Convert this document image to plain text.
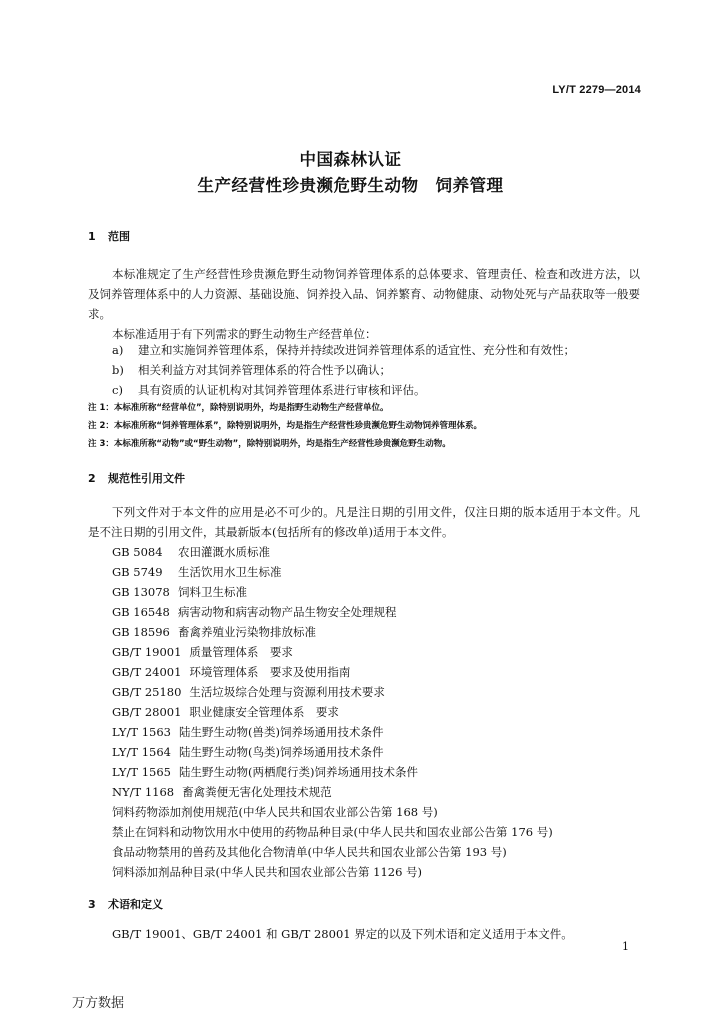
LY/T 2279—2014
中国森林认证
生产经营性珍贵濒危野生动物　饲养管理
1 范围
本标准规定了生产经营性珍贵濒危野生动物饲养管理体系的总体要求、管理责任、检查和改进方法，以及饲养管理体系中的人力资源、基础设施、饲养投入品、饲养繁育、动物健康、动物处死与产品获取等一般要求。
本标准适用于有下列需求的野生动物生产经营单位：
a) 建立和实施饲养管理体系，保持并持续改进饲养管理体系的适宜性、充分性和有效性；
b) 相关利益方对其饲养管理体系的符合性予以确认；
c) 具有资质的认证机构对其饲养管理体系进行审核和评估。
注 1：本标准所称“经营单位”，除特别说明外，均是指野生动物生产经营单位。
注 2：本标准所称“饲养管理体系”，除特别说明外，均是指生产经营性珍贵濒危野生动物饲养管理体系。
注 3：本标准所称“动物”或“野生动物”，除特别说明外，均是指生产经营性珍贵濒危野生动物。
2 规范性引用文件
下列文件对于本文件的应用是必不可少的。凡是注日期的引用文件，仅注日期的版本适用于本文件。凡是不注日期的引用文件，其最新版本(包括所有的修改单)适用于本文件。
GB 5084 农田灌溉水质标准
GB 5749 生活饮用水卫生标准
GB 13078 饲料卫生标准
GB 16548 病害动物和病害动物产品生物安全处理规程
GB 18596 畜禽养殖业污染物排放标准
GB/T 19001 质量管理体系　要求
GB/T 24001 环境管理体系　要求及使用指南
GB/T 25180 生活垃圾综合处理与资源利用技术要求
GB/T 28001 职业健康安全管理体系　要求
LY/T 1563 陆生野生动物(兽类)饲养场通用技术条件
LY/T 1564 陆生野生动物(鸟类)饲养场通用技术条件
LY/T 1565 陆生野生动物(两栖爬行类)饲养场通用技术条件
NY/T 1168 畜禽粪便无害化处理技术规范
饲料药物添加剂使用规范(中华人民共和国农业部公告第 168 号)
禁止在饲料和动物饮用水中使用的药物品种目录(中华人民共和国农业部公告第 176 号)
食品动物禁用的兽药及其他化合物清单(中华人民共和国农业部公告第 193 号)
饲料添加剂品种目录(中华人民共和国农业部公告第 1126 号)
3 术语和定义
GB/T 19001、GB/T 24001 和 GB/T 28001 界定的以及下列术语和定义适用于本文件。
1
万方数据
